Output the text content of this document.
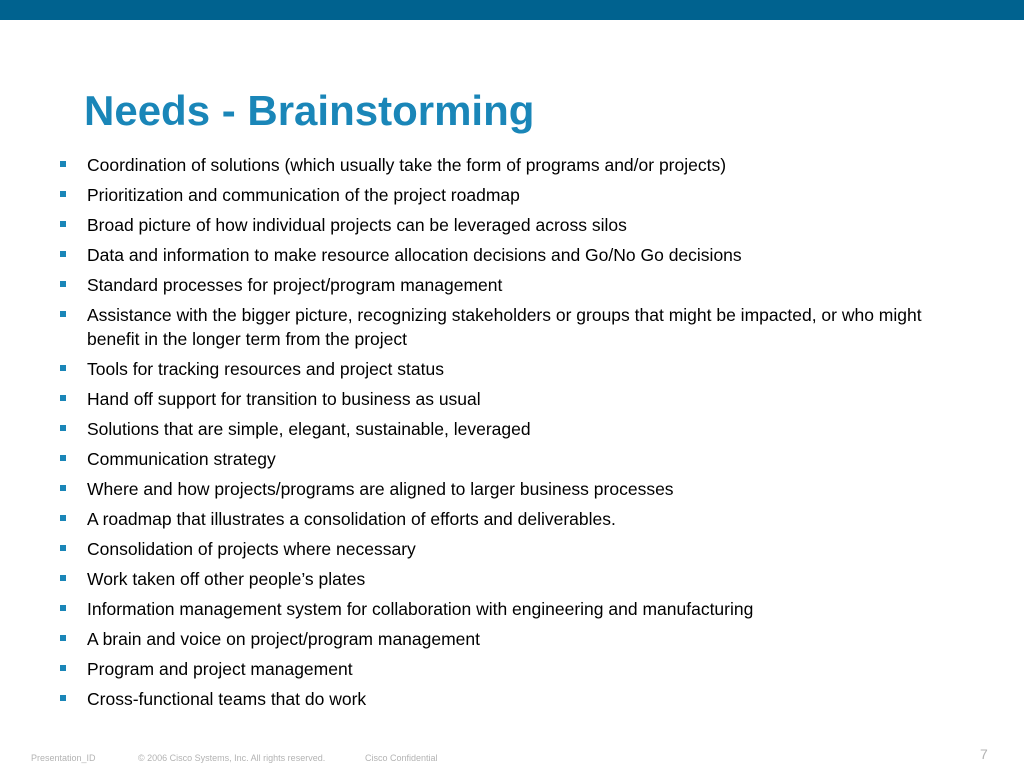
Needs - Brainstorming
Coordination of solutions (which usually take the form of programs and/or projects)
Prioritization and communication of the project roadmap
Broad picture of how individual projects can be leveraged across silos
Data and information to make resource allocation decisions and Go/No Go decisions
Standard processes for project/program management
Assistance with the bigger picture, recognizing stakeholders or groups that might be impacted, or who might benefit in the longer term from the project
Tools for tracking resources and project status
Hand off support for transition to business as usual
Solutions that are simple, elegant, sustainable, leveraged
Communication strategy
Where and how projects/programs are aligned to larger business processes
A roadmap that illustrates a consolidation of efforts and deliverables.
Consolidation of projects where necessary
Work taken off other people’s plates
Information management system for collaboration with engineering and manufacturing
A brain and voice on project/program management
Program and project management
Cross-functional teams that do work
Presentation_ID	© 2006 Cisco Systems, Inc. All rights reserved.	Cisco Confidential	7
